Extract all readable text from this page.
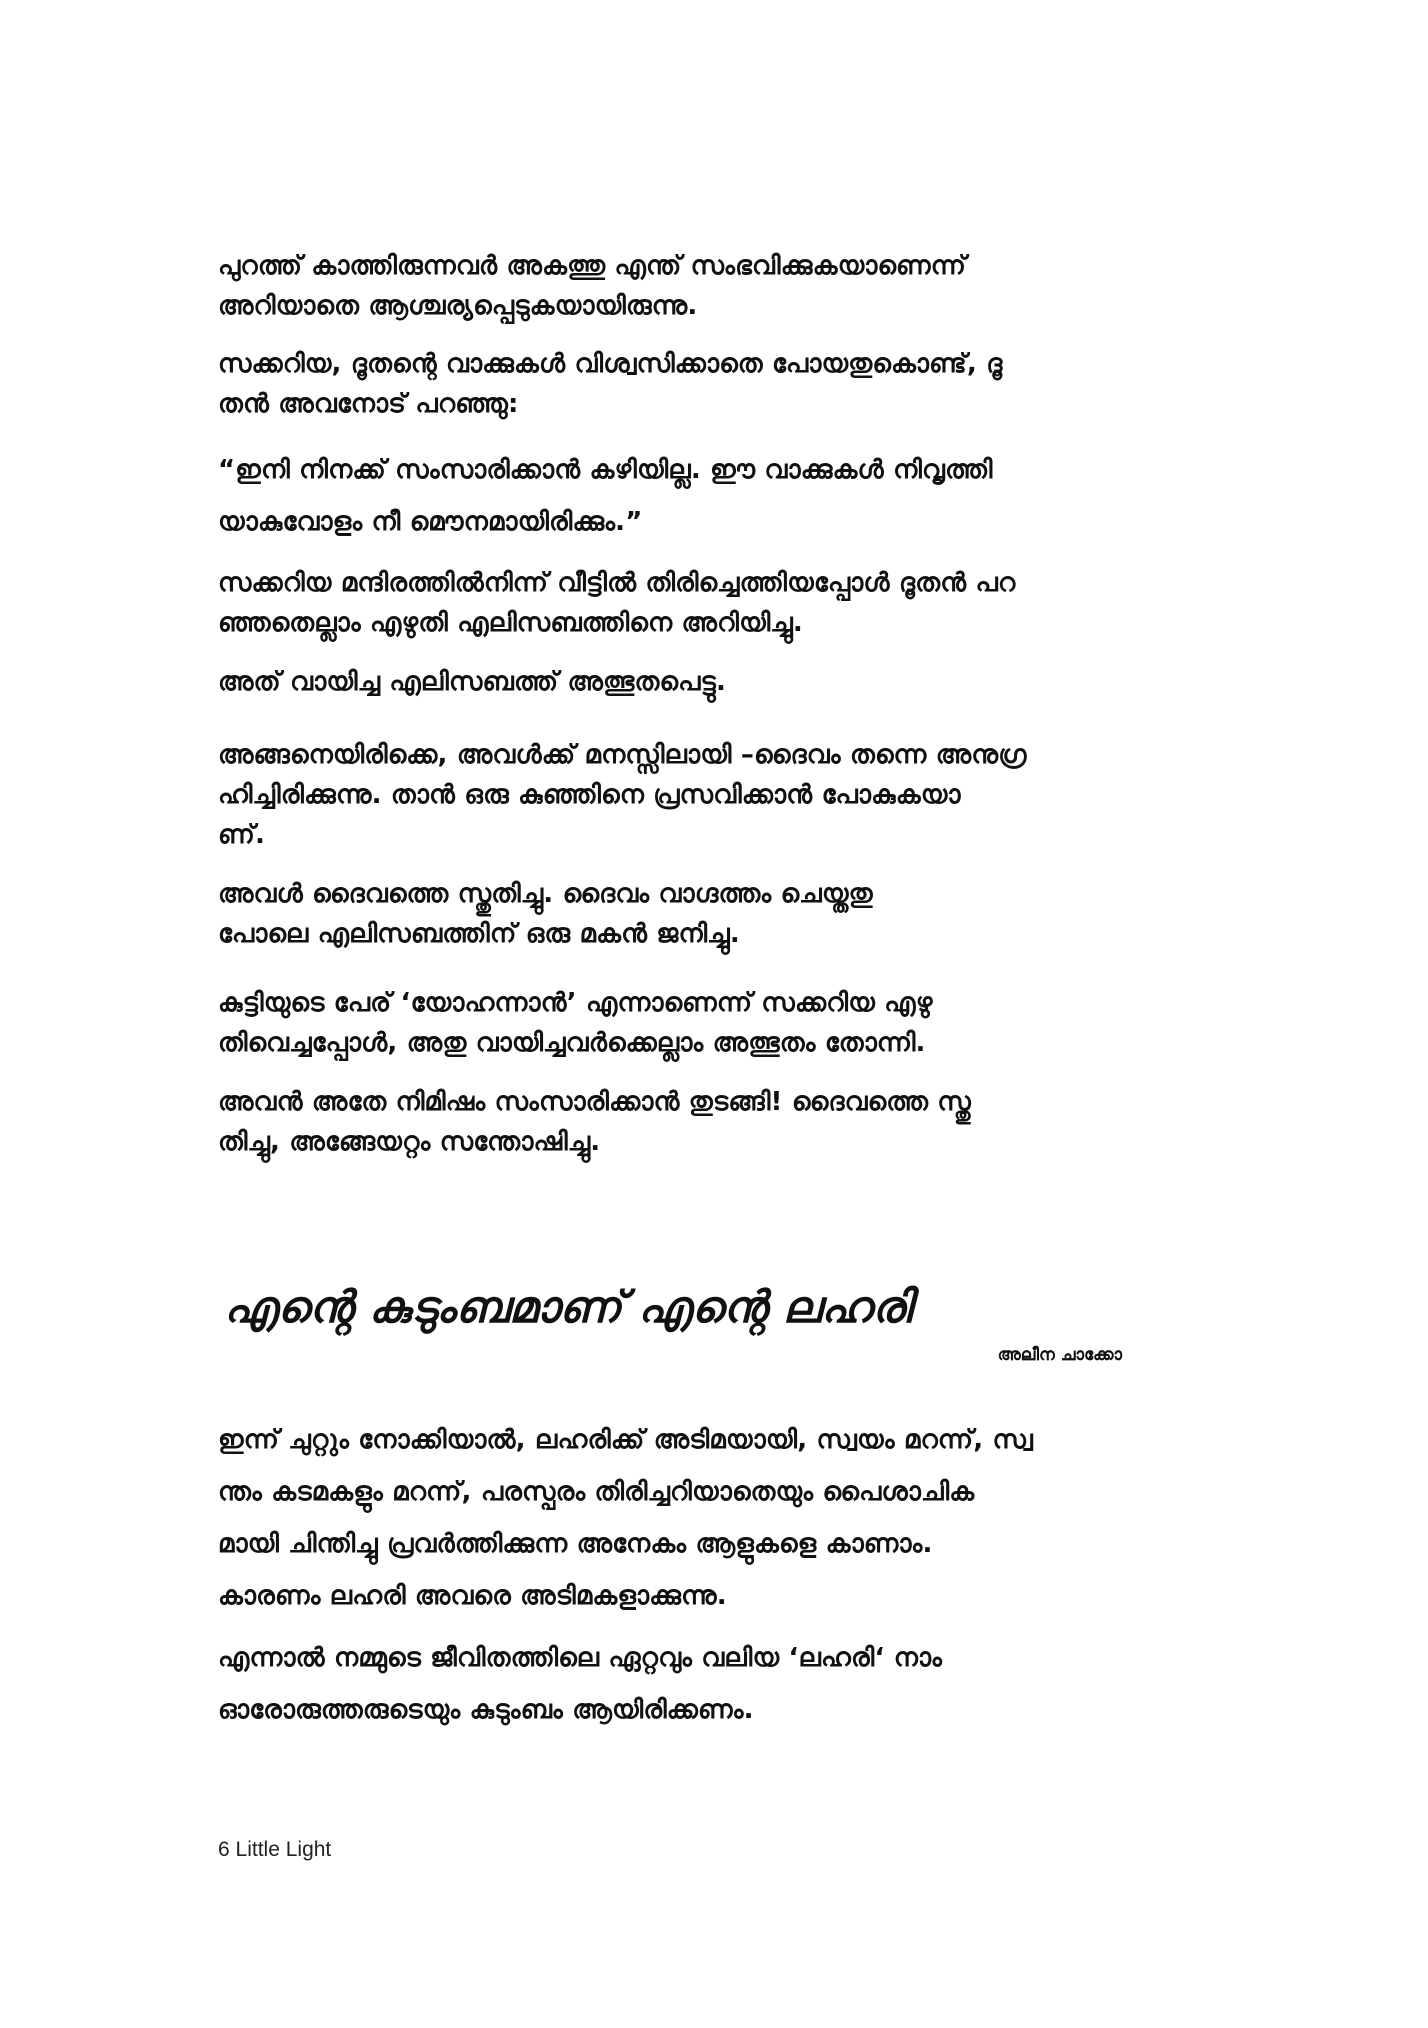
പുറത്ത് കാത്തിരുന്നവർ അകത്തു എന്ത് സംഭവിക്കുകയാണെന്ന്
അറിയാതെ ആശ്ചര്യപ്പെടുകയായിരുന്നു.
സക്കറിയ, ദൂതന്റെ വാക്കുകൾ വിശ്വസിക്കാതെ പോയതുകൊണ്ട്, ദൂ
തൻ അവനോട് പറഞ്ഞു:
“ഇനി നിനക്ക് സംസാരിക്കാൻ കഴിയില്ല. ഈ വാക്കുകൾ നിവൃത്തി
യാകുവോളം നീ മൌനമായിരിക്കും.”
സക്കറിയ മന്ദിരത്തിൽനിന്ന് വീട്ടിൽ തിരിച്ചെത്തിയപ്പോൾ ദൂതൻ പറ
ഞ്ഞതെല്ലാം എഴുതി എലിസബത്തിനെ അറിയിച്ചു.
അത് വായിച്ച എലിസബത്ത് അത്ഭുതപെട്ടു.
അങ്ങനെയിരിക്കെ, അവൾക്ക് മനസ്സിലായി –ദൈവം തന്നെ അനുഗ്ര
ഹിച്ചിരിക്കുന്നു. താൻ ഒരു കുഞ്ഞിനെ പ്രസവിക്കാൻ പോകുകയാ
ണ്.
അവൾ ദൈവത്തെ സ്തുതിച്ചു. ദൈവം വാഗ്ദത്തം ചെയ്തതു
പോലെ എലിസബത്തിന് ഒരു മകൻ ജനിച്ചു.
കുട്ടിയുടെ പേര് ‘യോഹന്നാൻ’ എന്നാണെന്ന് സക്കറിയ എഴു
തിവെച്ചപ്പോൾ, അതു വായിച്ചവർക്കെല്ലാം അത്ഭുതം തോന്നി.
അവൻ അതേ നിമിഷം സംസാരിക്കാൻ തുടങ്ങി! ദൈവത്തെ സ്തു
തിച്ചു, അങ്ങേയറ്റം സന്തോഷിച്ചു.
എന്റെ കുടുംബമാണ് എന്റെ ലഹരി
അലീന ചാക്കോ
ഇന്ന് ചുറ്റും നോക്കിയാൽ, ലഹരിക്ക് അടിമയായി, സ്വയം മറന്ന്, സ്വ
ന്തം കടമകളും മറന്ന്, പരസ്പരം തിരിച്ചറിയാതെയും പൈശാചിക
മായി ചിന്തിച്ചു പ്രവർത്തിക്കുന്ന അനേകം ആളുകളെ കാണാം.
കാരണം ലഹരി അവരെ അടിമകളാക്കുന്നു.
എന്നാൽ നമ്മുടെ ജീവിതത്തിലെ ഏറ്റവും വലിയ ‘ലഹരി‘ നാം
ഓരോരുത്തരുടെയും കുടുംബം ആയിരിക്കണം.
6 Little Light
